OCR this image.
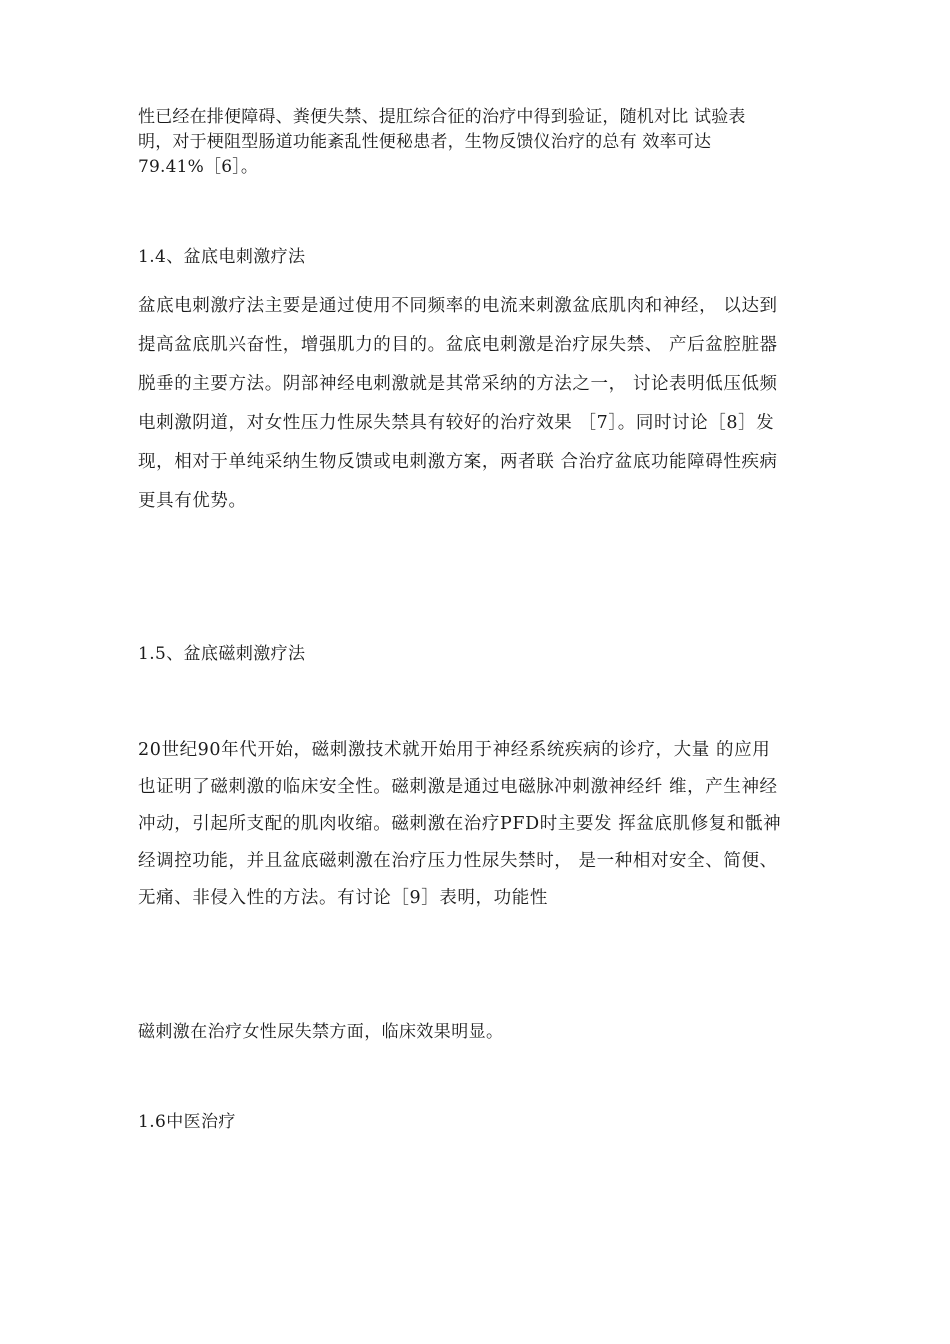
性已经在排便障碍、粪便失禁、提肛综合征的治疗中得到验证，随机对比 试验表
明，对于梗阻型肠道功能紊乱性便秘患者，生物反馈仪治疗的总有 效率可达
79.41%［6］。

1.4、盆底电刺激疗法

盆底电刺激疗法主要是通过使用不同频率的电流来刺激盆底肌肉和神经， 以达到
提高盆底肌兴奋性，增强肌力的目的。盆底电刺激是治疗尿失禁、 产后盆腔脏器
脱垂的主要方法。阴部神经电刺激就是其常采纳的方法之一， 讨论表明低压低频
电刺激阴道，对女性压力性尿失禁具有较好的治疗效果 ［7］。同时讨论［8］发
现，相对于单纯采纳生物反馈或电刺激方案，两者联 合治疗盆底功能障碍性疾病
更具有优势。

1.5、盆底磁刺激疗法

20世纪90年代开始，磁刺激技术就开始用于神经系统疾病的诊疗，大量 的应用
也证明了磁刺激的临床安全性。磁刺激是通过电磁脉冲刺激神经纤 维，产生神经
冲动，引起所支配的肌肉收缩。磁刺激在治疗PFD时主要发 挥盆底肌修复和骶神
经调控功能，并且盆底磁刺激在治疗压力性尿失禁时， 是一种相对安全、简便、
无痛、非侵入性的方法。有讨论［9］表明，功能性

磁刺激在治疗女性尿失禁方面，临床效果明显。

1.6中医治疗
